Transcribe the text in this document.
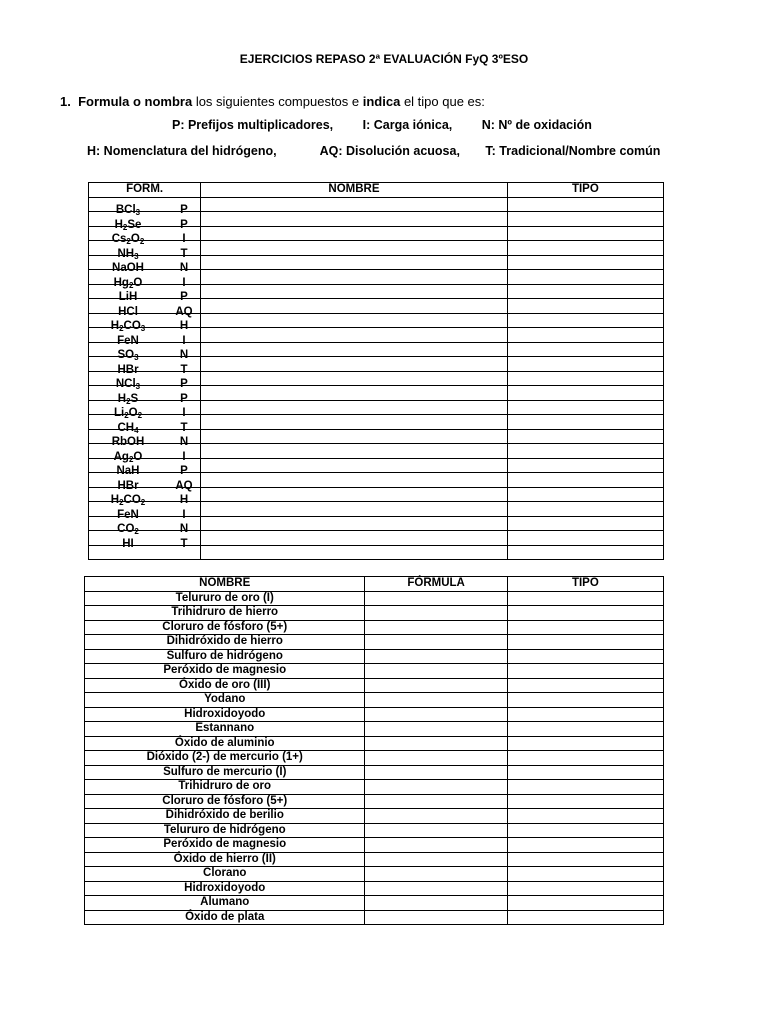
EJERCICIOS REPASO 2ª EVALUACIÓN FyQ 3ºESO
1. Formula o nombra los siguientes compuestos e indica el tipo que es:
P: Prefijos multiplicadores, I: Carga iónica, N: Nº de oxidación
H: Nomenclatura del hidrógeno,	AQ: Disolución acuosa, T: Tradicional/Nombre común
FORM.	NOMBRE	TIPO

BCl$_3$ P		

$H_2Se$ P		

$Cs_2O_2$ I		

$NH_3$ T		

NaOH N		

$Hg_2O$ I		

LiH P		

HCl AQ		

$H_2CO_3$ H		

FeN I		

$SO_3$ N		

HBr T		

NCl$_3$ P		

$H_2S$ P		

$Li_2O_2$ I		

$CH_4$ T		

RbOH N		

$Ag_2O$ I		

NaH P		

HBr AQ		

$H_2CO_2$ H		

FeN I		

$CO_2$ N		

HI T		

NOMBRE	FÓRMULA	TIPO
Telururo de oro (I)		
Trihidruro de hierro		
Cloruro de fósforo (5+)		
Dihidróxido de hierro		
Sulfuro de hidrógeno		
Peróxido de magnesio		
Óxido de oro (III)		
Yodano		
Hidroxidoyodo		
Estannano		
Óxido de aluminio		
Dióxido (2-) de mercurio (1+)		
Sulfuro de mercurio (I)		
Trihidruro de oro		
Cloruro de fósforo (5+)		
Dihidróxido de berilio		
Telururo de hidrógeno		
Peróxido de magnesio		
Óxido de hierro (II)		
Clorano		
Hidroxidoyodo		
Alumano		
Óxido de plata		
